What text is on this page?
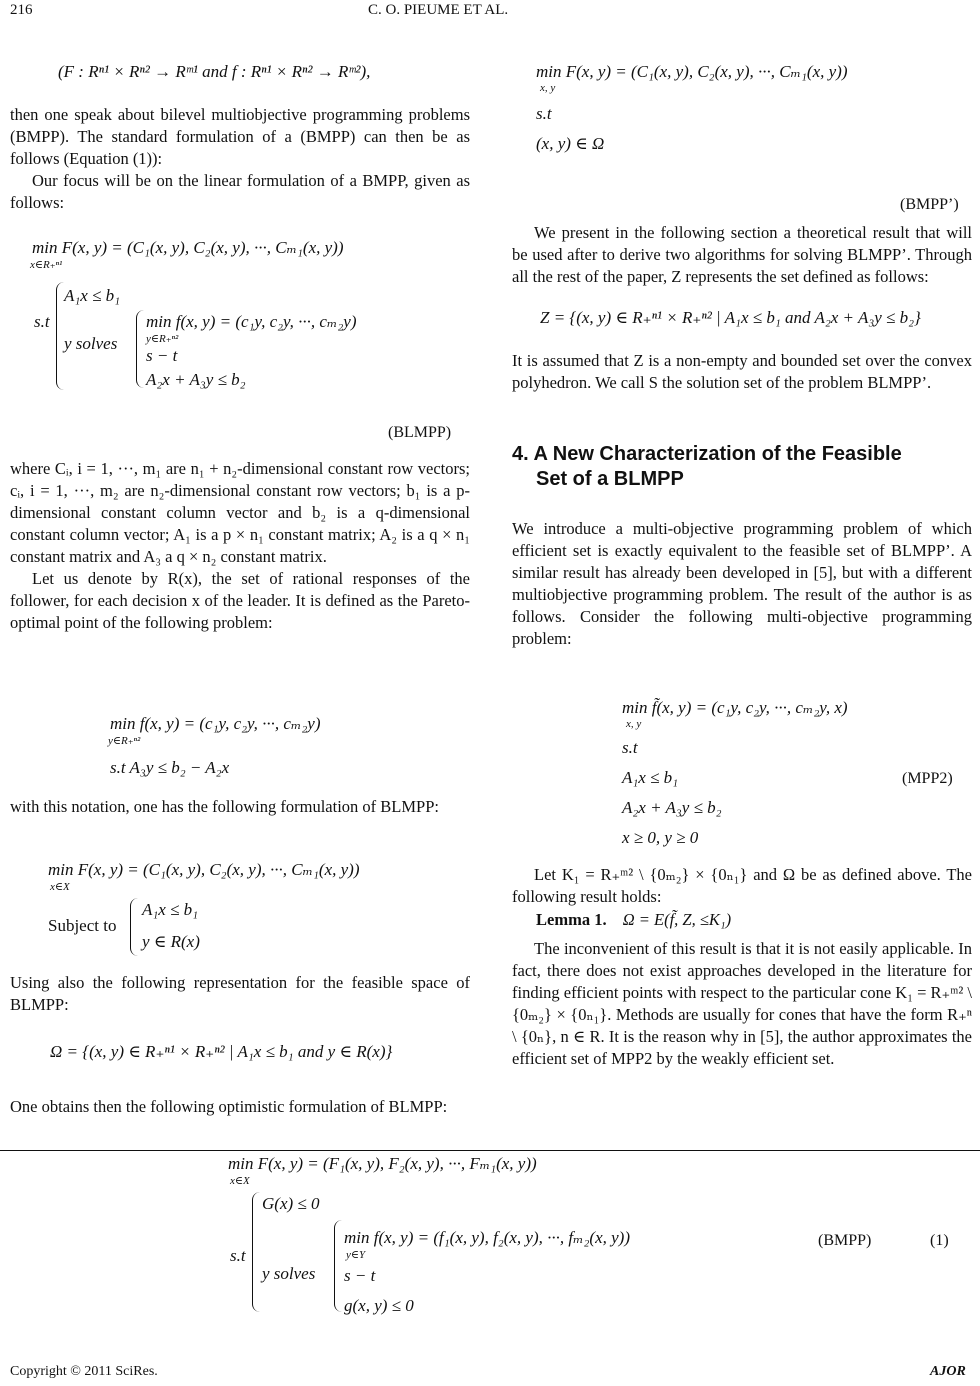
216	C. O. PIEUME ET AL.
(F : Rⁿ¹ × Rⁿ² → Rᵐ¹ and f : Rⁿ¹ × Rⁿ² → Rᵐ²),

then one speak about bilevel multiobjective programming problems (BMPP). The standard formulation of a (BMPP) can then be as follows (Equation (1)):

Our focus will be on the linear formulation of a BMPP, given as follows:

min F(x, y) = (C₁(x, y), C₂(x, y), ···, Cₘ₁(x, y))
x∈R₊ⁿ¹
s.t
A₁x ≤ b₁
y solves
min f(x, y) = (c₁y, c₂y, ···, cₘ₂y)
y∈R₊ⁿ²
s − t
A₂x + A₃y ≤ b₂
(BLMPP)

where Cᵢ, i = 1, ···, m₁ are n₁ + n₂-dimensional constant row vectors; cᵢ, i = 1, ···, m₂ are n₂-dimensional constant row vectors; b₁ is a p-dimensional constant column vector and b₂ is a q-dimensional constant column vector; A₁ is a p × n₁ constant matrix; A₂ is a q × n₁ constant matrix and A₃ a q × n₂ constant matrix.

Let us denote by R(x), the set of rational responses of the follower, for each decision x of the leader. It is defined as the Pareto-optimal point of the following problem:

min f(x, y) = (c₁y, c₂y, ···, cₘ₂y)
y∈R₊ⁿ²
s.t A₃y ≤ b₂ − A₂x

with this notation, one has the following formulation of BLMPP:

min F(x, y) = (C₁(x, y), C₂(x, y), ···, Cₘ₁(x, y))
x∈X
Subject to
A₁x ≤ b₁
y ∈ R(x)

Using also the following representation for the feasible space of BLMPP:

Ω = {(x, y) ∈ R₊ⁿ¹ × R₊ⁿ² | A₁x ≤ b₁ and y ∈ R(x)}

One obtains then the following optimistic formulation of BLMPP:

min F(x, y) = (C₁(x, y), C₂(x, y), ···, Cₘ₁(x, y))
x, y
s.t
(x, y) ∈ Ω
(BMPP’)

We present in the following section a theoretical result that will be used after to derive two algorithms for solving BLMPP’. Through all the rest of the paper, Z represents the set defined as follows:

Z = {(x, y) ∈ R₊ⁿ¹ × R₊ⁿ² | A₁x ≤ b₁ and A₂x + A₃y ≤ b₂}

It is assumed that Z is a non-empty and bounded set over the convex polyhedron. We call S the solution set of the problem BLMPP’.

4. A New Characterization of the Feasible
Set of a BLMPP

We introduce a multi-objective programming problem of which efficient set is exactly equivalent to the feasible set of BLMPP’. A similar result has already been developed in [5], but with a different multiobjective programming problem. The result of the author is as follows. Consider the following multi-objective programming problem:

min f̃(x, y) = (c₁y, c₂y, ···, cₘ₂y, x)
x, y
s.t
A₁x ≤ b₁
A₂x + A₃y ≤ b₂
x ≥ 0, y ≥ 0
(MPP2)

Let K₁ = R₊ᵐ² \ {0ₘ₂} × {0ₙ₁} and Ω be as defined above. The following result holds:

Lemma 1. Ω = E(f̃, Z, ≤K₁)

The inconvenient of this result is that it is not easily applicable. In fact, there does not exist approaches developed in the literature for finding efficient points with respect to the particular cone K₁ = R₊ᵐ² \ {0ₘ₂} × {0ₙ₁}. Methods are usually for cones that have the form R₊ⁿ \ {0ₙ}, n ∈ R. It is the reason why in [5], the author approximates the efficient set of MPP2 by the weakly efficient set.

min F(x, y) = (F₁(x, y), F₂(x, y), ···, Fₘ₁(x, y))
x∈X
s.t
G(x) ≤ 0
y solves
min f(x, y) = (f₁(x, y), f₂(x, y), ···, fₘ₂(x, y))
y∈Y
s − t
g(x, y) ≤ 0
(BMPP)	(1)
Copyright © 2011 SciRes.	AJOR
